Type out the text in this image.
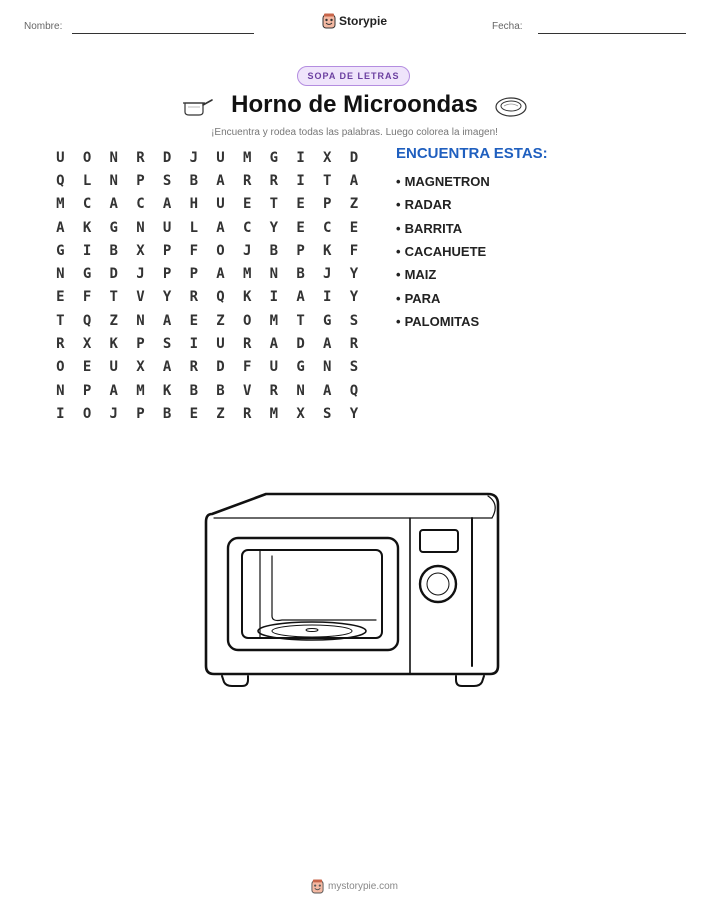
Nombre:	Storypie	Fecha:
SOPA DE LETRAS
Horno de Microondas
¡Encuentra y rodea todas las palabras. Luego colorea la imagen!
U	O	N	R	D	J	U	M	G	I	X	D
Q	L	N	P	S	B	A	R	R	I	T	A
M	C	A	C	A	H	U	E	T	E	P	Z
A	K	G	N	U	L	A	C	Y	E	C	E
G	I	B	X	P	F	O	J	B	P	K	F
N	G	D	J	P	P	A	M	N	B	J	Y
E	F	T	V	Y	R	Q	K	I	A	I	Y
T	Q	Z	N	A	E	Z	O	M	T	G	S
R	X	K	P	S	I	U	R	A	D	A	R
O	E	U	X	A	R	D	F	U	G	N	S
N	P	A	M	K	B	B	V	R	N	A	Q
I	O	J	P	B	E	Z	R	M	X	S	Y
ENCUENTRA ESTAS:
• MAGNETRON
• RADAR
• BARRITA
• CACAHUETE
• MAIZ
• PARA
• PALOMITAS
mystorypie.com
